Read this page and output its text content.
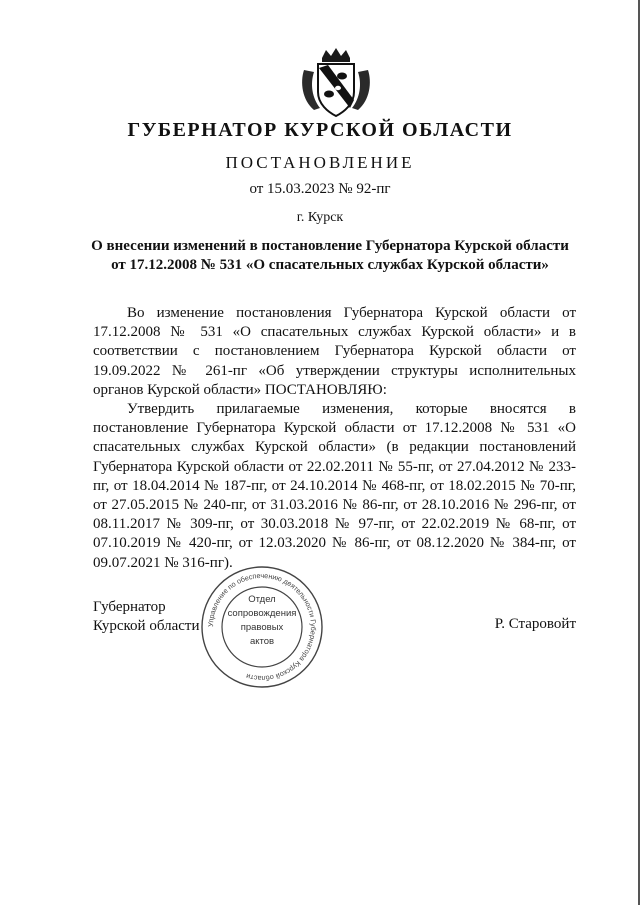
ГУБЕРНАТОР КУРСКОЙ ОБЛАСТИ
ПОСТАНОВЛЕНИЕ
от 15.03.2023 № 92-пг
г. Курск
О внесении изменений в постановление Губернатора Курской области
от 17.12.2008 № 531 «О спасательных службах Курской области»

Во изменение постановления Губернатора Курской области от 17.12.2008 № 531 «О спасательных службах Курской области» и в соответствии с постановлением Губернатора Курской области от 19.09.2022 № 261-пг «Об утверждении структуры исполнительных органов Курской области» ПОСТАНОВЛЯЮ:

Утвердить прилагаемые изменения, которые вносятся в постановление Губернатора Курской области от 17.12.2008 № 531 «О спасательных службах Курской области» (в редакции постановлений Губернатора Курской области от 22.02.2011 № 55-пг, от 27.04.2012 № 233-пг, от 18.04.2014 № 187-пг, от 24.10.2014 № 468-пг, от 18.02.2015 № 70-пг, от 27.05.2015 № 240-пг, от 31.03.2016 № 86-пг, от 28.10.2016 № 296-пг, от 08.11.2017 № 309-пг, от 30.03.2018 № 97-пг, от 22.02.2019 № 68-пг, от 07.10.2019 № 420-пг, от 12.03.2020 № 86-пг, от 08.12.2020 № 384-пг, от 09.07.2021 № 316-пг).

Губернатор
Курской области Управление по обеспечению деятельности Губернатора Курской области
Отдел
сопровождения
правовых
актов
Р. Старовойт
